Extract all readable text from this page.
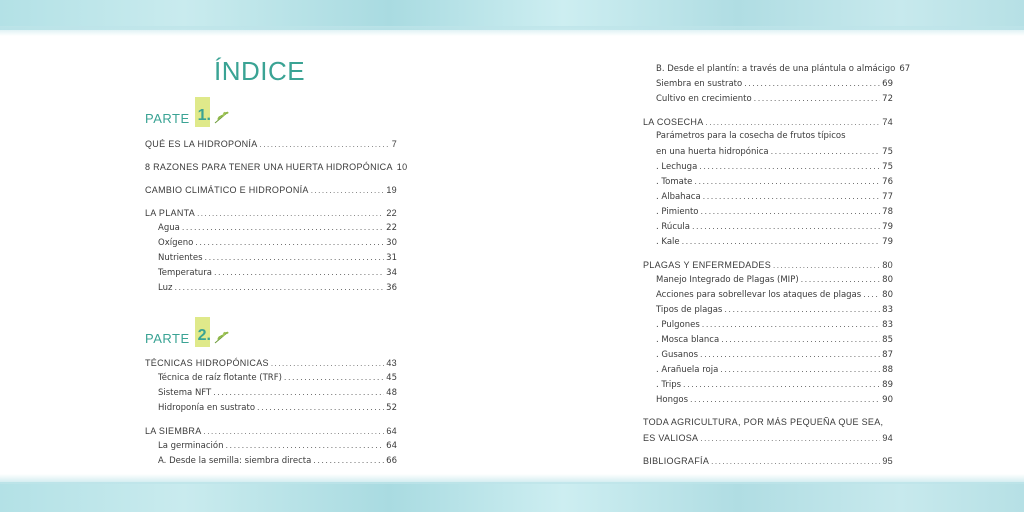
ÍNDICE
PARTE 1.
PARTE 2.
QUÉ ES LA HIDROPONÍA .....	7
8 RAZONES PARA TENER UNA HUERTA HIDROPÓNICA 10
CAMBIO CLIMÁTICO E HIDROPONÍA .....	19
LA PLANTA .....	22
Agua .....	22
Oxígeno .....	30
Nutrientes .....	31
Temperatura .....	34
Luz .....	36
TÉCNICAS HIDROPÓNICAS .....	43
Técnica de raíz flotante (TRF) .....	45
Sistema NFT .....	48
Hidroponía en sustrato .....	52
LA SIEMBRA .....	64
La germinación .....	64
A. Desde la semilla: siembra directa .....	66
B. Desde el plantín: a través de una plántula o almácigo 67
Siembra en sustrato .....	69
Cultivo en crecimiento .....	72
LA COSECHA .....	74
Parámetros para la cosecha de frutos típicos
en una huerta hidropónica .....	75
. Lechuga .....	75
. Tomate .....	76
. Albahaca .....	77
. Pimiento .....	78
. Rúcula .....	79
. Kale .....	79
PLAGAS Y ENFERMEDADES .....	80
Manejo Integrado de Plagas (MIP) .....	80
Acciones para sobrellevar los ataques de plagas ..... 80
Tipos de plagas .....	83
. Pulgones .....	83
. Mosca blanca .....	85
. Gusanos .....	87
. Arañuela roja .....	88
. Trips .....	89
Hongos .....	90
TODA AGRICULTURA, POR MÁS PEQUEÑA QUE SEA,
ES VALIOSA .....	94
BIBLIOGRAFÍA .....	95
